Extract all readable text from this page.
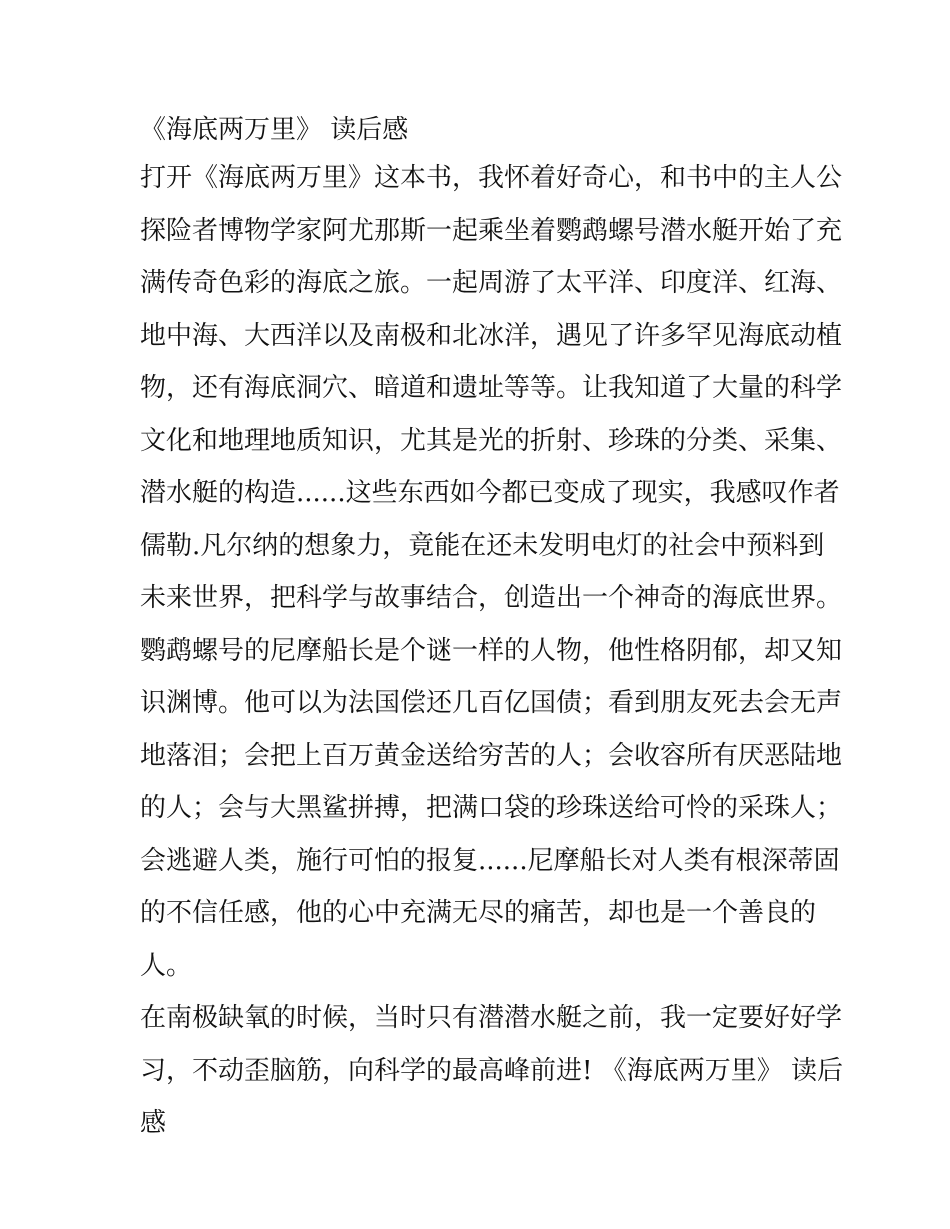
《海底两万里》 读后感
打开《海底两万里》这本书，我怀着好奇心，和书中的主人公
探险者博物学家阿尤那斯一起乘坐着鹦鹉螺号潜水艇开始了充
满传奇色彩的海底之旅。一起周游了太平洋、印度洋、红海、
地中海、大西洋以及南极和北冰洋，遇见了许多罕见海底动植
物，还有海底洞穴、暗道和遗址等等。让我知道了大量的科学
文化和地理地质知识，尤其是光的折射、珍珠的分类、采集、
潜水艇的构造......这些东西如今都已变成了现实，我感叹作者
儒勒.凡尔纳的想象力，竟能在还未发明电灯的社会中预料到
未来世界，把科学与故事结合，创造出一个神奇的海底世界。
鹦鹉螺号的尼摩船长是个谜一样的人物，他性格阴郁，却又知
识渊博。他可以为法国偿还几百亿国债；看到朋友死去会无声
地落泪；会把上百万黄金送给穷苦的人；会收容所有厌恶陆地
的人；会与大黑鲨拼搏，把满口袋的珍珠送给可怜的采珠人；
会逃避人类，施行可怕的报复......尼摩船长对人类有根深蒂固
的不信任感，他的心中充满无尽的痛苦，却也是一个善良的
人。
在南极缺氧的时候，当时只有潜潜水艇之前，我一定要好好学
习，不动歪脑筋，向科学的最高峰前进! 《海底两万里》 读后
感
